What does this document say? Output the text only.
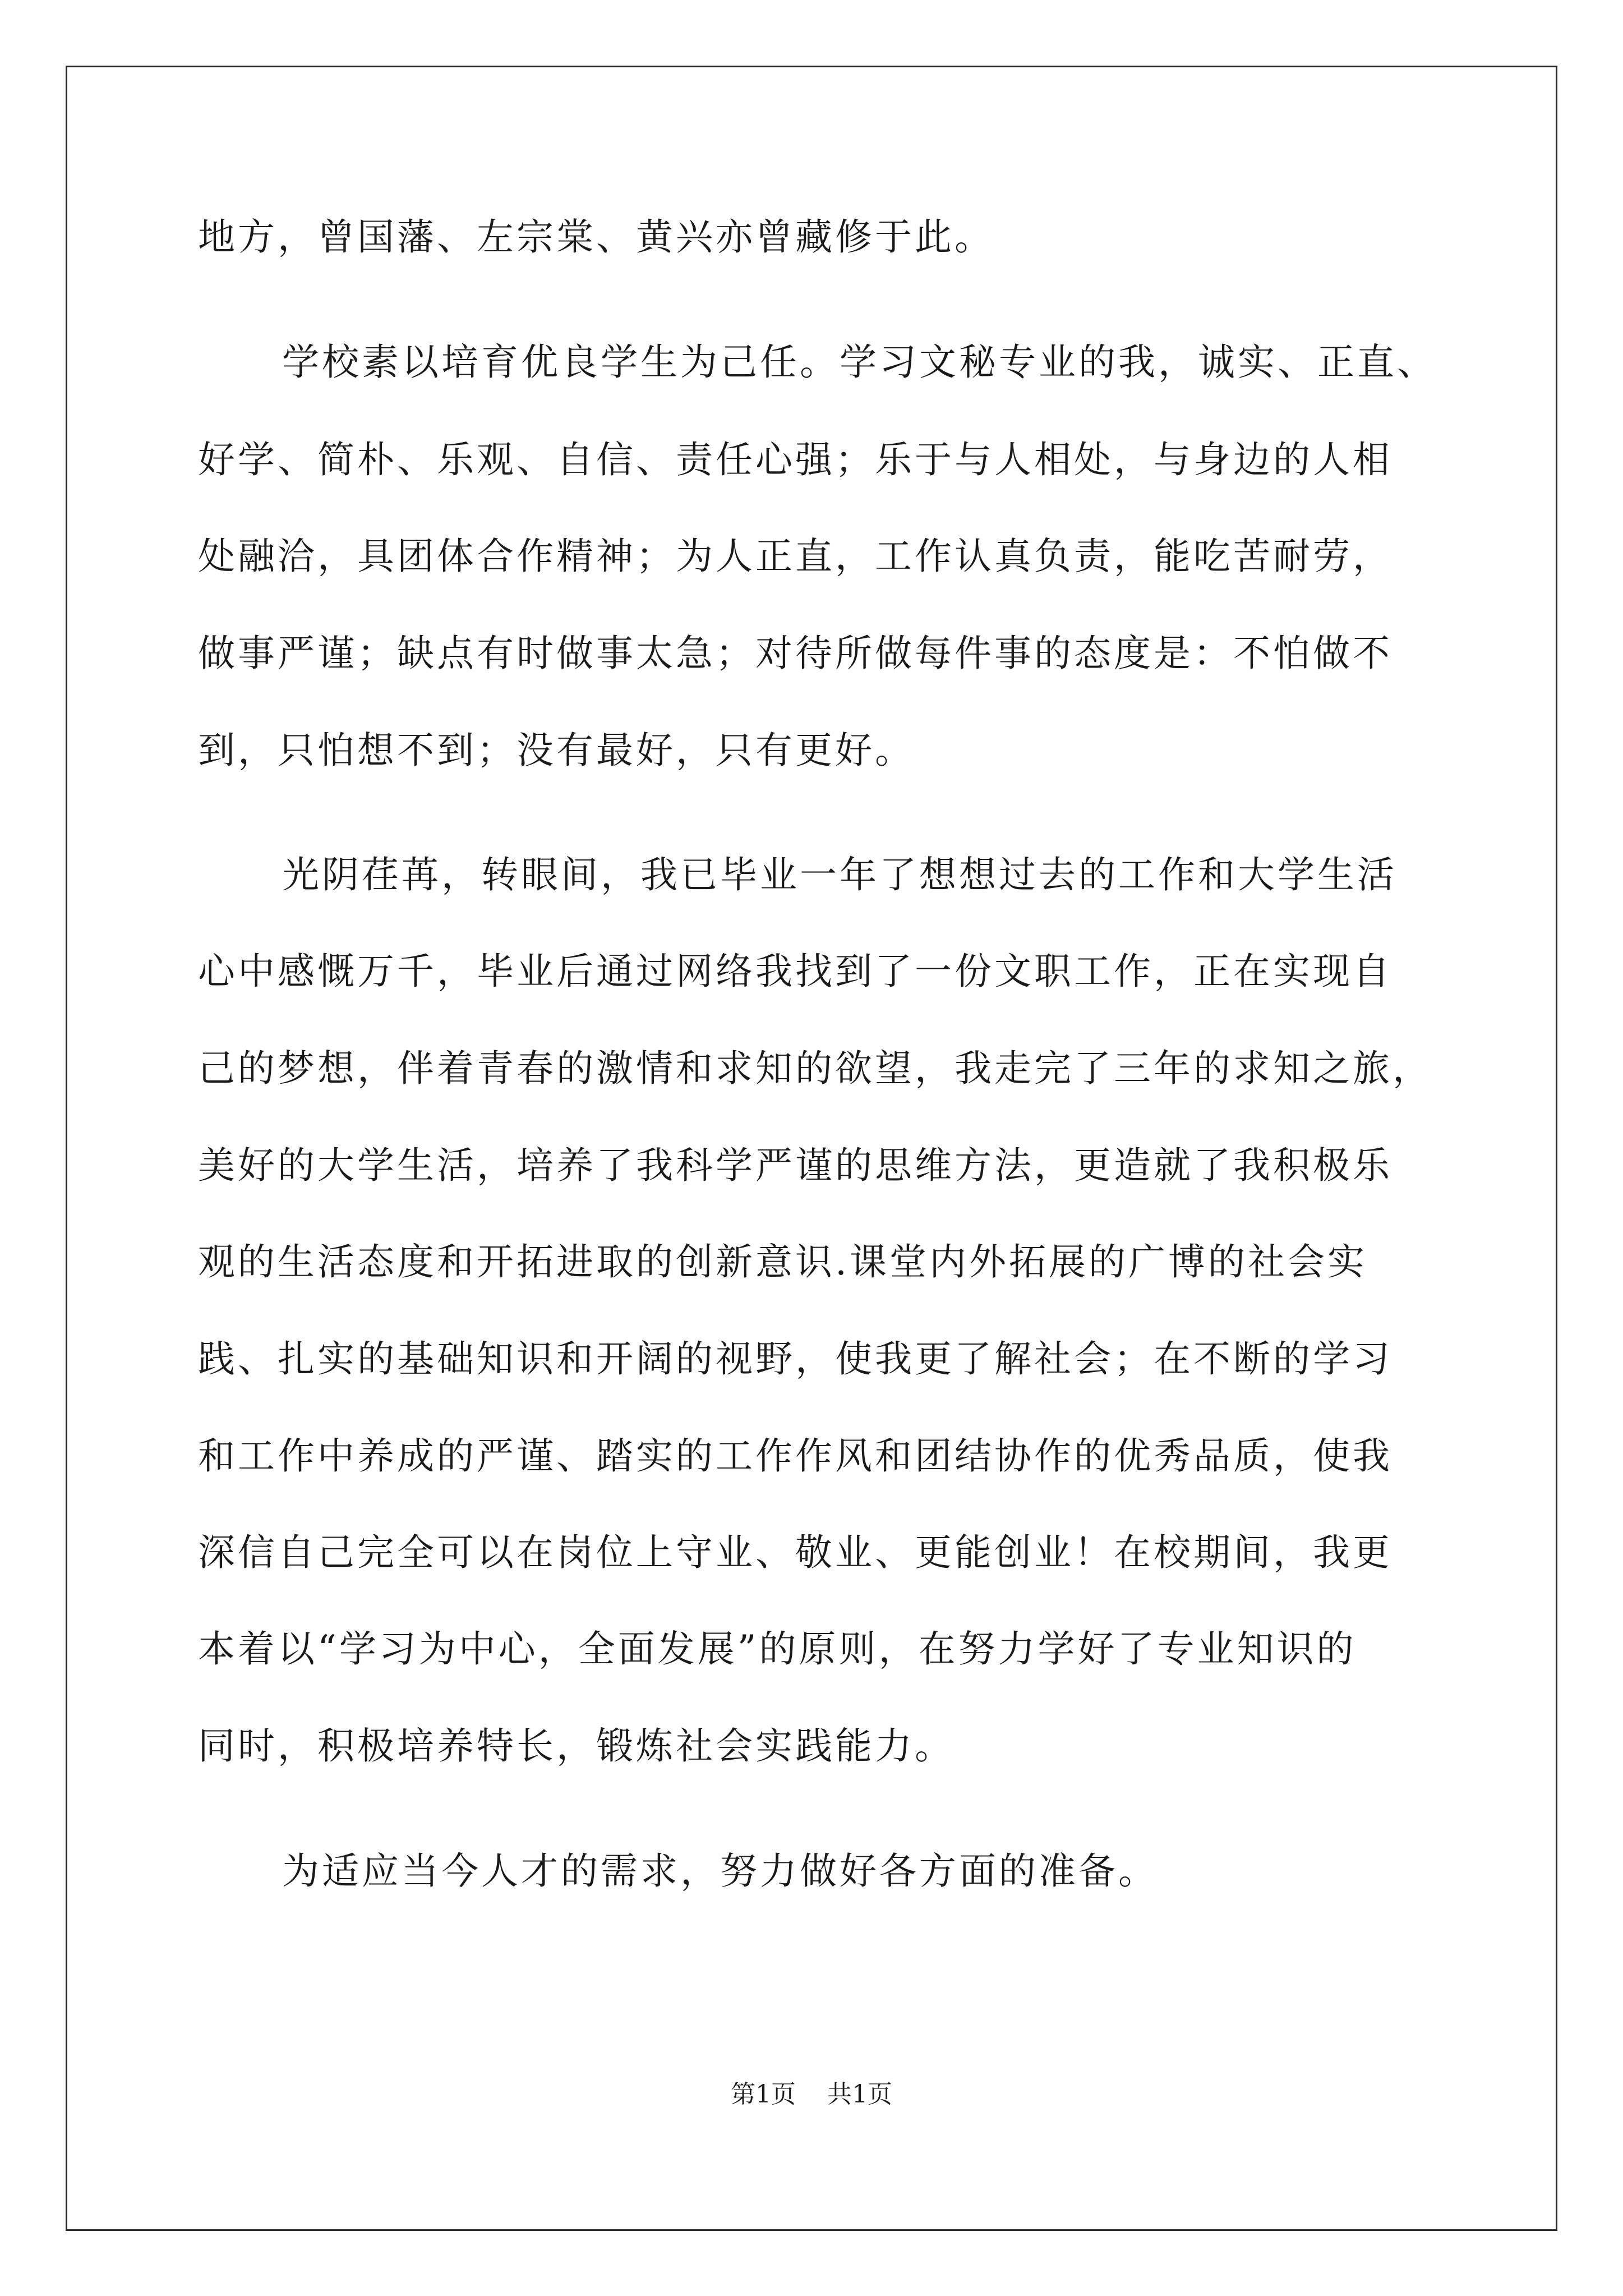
地方，曾国藩、左宗棠、黄兴亦曾藏修于此。
学校素以培育优良学生为己任。学习文秘专业的我，诚实、正直、
好学、简朴、乐观、自信、责任心强；乐于与人相处，与身边的人相
处融洽，具团体合作精神；为人正直，工作认真负责，能吃苦耐劳，
做事严谨；缺点有时做事太急；对待所做每件事的态度是：不怕做不
到，只怕想不到；没有最好，只有更好。
光阴荏苒，转眼间，我已毕业一年了想想过去的工作和大学生活
心中感慨万千，毕业后通过网络我找到了一份文职工作，正在实现自
己的梦想，伴着青春的激情和求知的欲望，我走完了三年的求知之旅，
美好的大学生活，培养了我科学严谨的思维方法，更造就了我积极乐
观的生活态度和开拓进取的创新意识.课堂内外拓展的广博的社会实
践、扎实的基础知识和开阔的视野，使我更了解社会；在不断的学习
和工作中养成的严谨、踏实的工作作风和团结协作的优秀品质，使我
深信自己完全可以在岗位上守业、敬业、更能创业！在校期间，我更
本着以“学习为中心，全面发展”的原则，在努力学好了专业知识的
同时，积极培养特长，锻炼社会实践能力。
为适应当今人才的需求，努力做好各方面的准备。
第1页 共1页
